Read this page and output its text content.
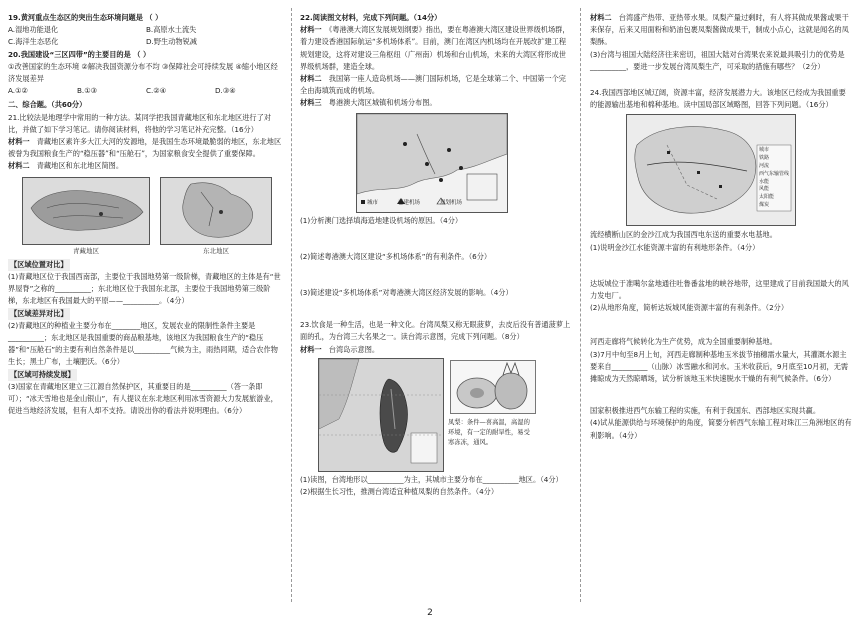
19.黄河重点生态区的突出生态环境问题是 （ ）

A.湿地功能退化	B.高原水土流失
C.海洋生态恶化	D.野生动物锐减

20.我国建设“三区四带”的主要目的是 （ ）

①改善国家的生态环境 ②解决我国资源分布不均 ③保障社会可持续发展 ④缩小地区经济发展差异

A.①②	B.①③	C.②④	D.③④

二、综合题。（共60分）

21.比较法是地理学中常用的一种方法。某同学把我国青藏地区和东北地区进行了对比，并做了如下学习笔记。请你阅读材料，将他的学习笔记补充完整。（16分）

材料一　 青藏地区素许多大江大河的发源地，是我国生态环境最脆弱的地区，东北地区被誉为我国粮食生产的“稳压器”和“压舱石”，为国家粮食安全提供了重要保障。

材料二　 青藏地区和东北地区简图。

青藏地区	东北地区

【区域位置对比】

(1)青藏地区位于我国西南部，主要位于我国地势第一级阶梯，青藏地区的主体是有“世界屋脊”之称的__________；东北地区位于我国东北部，主要位于我国地势第三级阶梯，东北地区有我国最大的平原——__________。（4分）

【区域差异对比】

(2)青藏地区的种植业主要分布在________地区，发展农业的限制性条件主要是__________；东北地区是我国重要的商品粮基地，该地区为我国粮食生产的“稳压器”和“压舱石”的主要有利自然条件是以__________气候为主，雨热同期，适合农作物生长；黑土广布，土壤肥沃。（6分）

【区域可持续发展】

(3)国家在青藏地区建立三江源自然保护区，其重要目的是__________（答一条即可）；“冰天雪地也是金山银山”，有人提议在东北地区利用冰雪资源大力发展旅游业，促进当地经济发展，但有人却不支持。请说出你的看法并说明理由。（6分）

22.阅读图文材料，完成下列问题。（14分）

材料一　 《粤港澳大湾区发展规划纲要》指出，要在粤港澳大湾区建设世界级机场群，着力建设香港国际航运“多机场体系”。目前，澳门在湾区内机场均在开展改扩建工程规划建设，这将对建设三角枢纽（广州南）机场和台山机场，未来的大湾区将形成世界级机场群，建造全球。

材料二　 我国第一座人造岛机场——澳门国际机场，它是全球第二个、中国第一个完全由海填筑而成的机场。

材料三　 粤港澳大湾区城镇和机场分布图。

城市	已建机场	规划机场

(1)分析澳门选择填海造地建设机场的原因。（4分）

(2)简述粤港澳大湾区建设“多机场体系”的有利条件。（6分）

(3)简述建设“多机场体系”对粤港澳大湾区经济发展的影响。（4分）

23.饮食是一种生活，也是一种文化。台湾凤梨又称无眼菠萝，去皮后没有普通菠萝上面的孔，为台湾三大名果之一。读台湾示意图，完成下列问题。（8分）

材料一　 台湾岛示意图。

凤梨：条件—喜高温，高湿的环境，有一定的耐旱性，易受寒冻冻，通风。

(1)读图，台湾地形以__________为主，其城市主要分布在__________地区。（4分）

(2)根据生长习性，推测台湾适宜种植凤梨的自然条件。（4分）

材料二　 台湾盛产热带、亚热带水果。凤梨产量过剩时，有人将其做成果酱或果干来保存，后来又用面粉和奶油包裹凤梨酱做成果干，制成小点心，这就是闻名的凤梨酥。

(3)台湾与祖国大陆经济往来密切，祖国大陆对台湾果农来说最具吸引力的优势是__________，要进一步发展台湾凤梨生产，可采取的措施有哪些？（2分）

24.我国西部地区城辽阔，资源丰富，经济发展潜力大。该地区已经成为我国重要的能源输出基地和棉种基地。读中国局部区域略图，回答下列问题。（16分）

城市
铁路
河流
西气东输管线
水能
风能
太阳能
煤炭

流经横断山区的金沙江成为我国西电东送的重要水电基地。

(1)说明金沙江水能资源丰富的有利地形条件。（4分）

达坂城位于准噶尔盆地通往吐鲁番盆地的峡谷地带，这里建成了目前我国最大的风力发电厂。

(2)从地形角度，简析达坂城风能资源丰富的有利条件。（2分）

河西走廊将气候转化为生产优势，成为全国重要制种基地。

(3)7月中旬至8月上旬，河西走廊制种基地玉米拔节抽穗需水量大，其灌溉水源主要来自__________（山脉）冰雪融水和河水。玉米收获后，9月底至10月初，无需摊晾成为天然晾晒场，试分析该地玉米快速脱水干燥的有利气候条件。（6分）

国家积极推进西气东输工程的实施，有利于我国东、西部地区实现共赢。

(4)试从能源供给与环境保护的角度，简要分析西气东输工程对珠江三角洲地区的有利影响。（4分）

2
